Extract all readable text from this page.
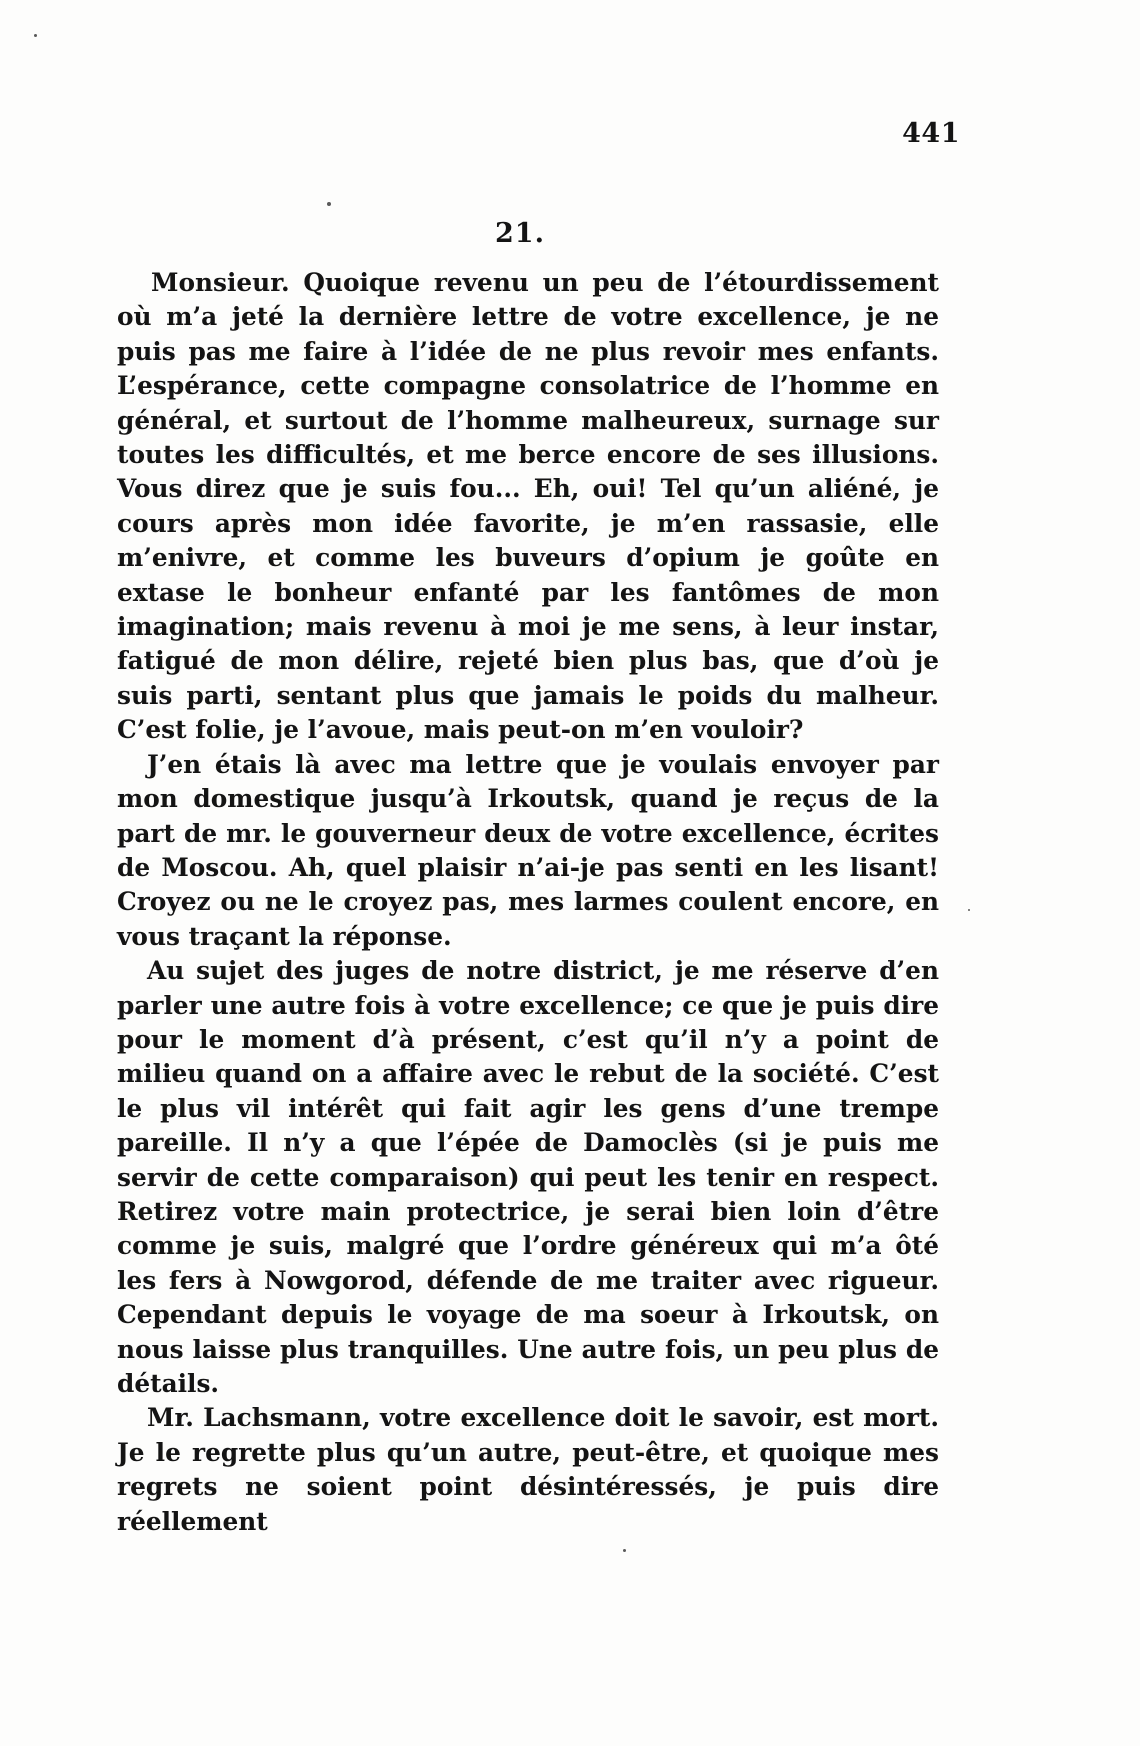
441
21.

Monsieur. Quoique revenu un peu de l’étourdissement où m’a jeté la dernière lettre de votre excellence, je ne puis pas me faire à l’idée de ne plus revoir mes enfants. L’espérance, cette compagne consolatrice de l’homme en général, et surtout de l’homme malheureux, surnage sur toutes les difficultés, et me berce encore de ses illusions. Vous direz que je suis fou... Eh, oui! Tel qu’un aliéné, je cours après mon idée favorite, je m’en rassasie, elle m’enivre, et comme les buveurs d’opium je goûte en extase le bonheur enfanté par les fantômes de mon imagination; mais revenu à moi je me sens, à leur instar, fatigué de mon délire, rejeté bien plus bas, que d’où je suis parti, sentant plus que jamais le poids du malheur. C’est folie, je l’avoue, mais peut-on m’en vouloir?

J’en étais là avec ma lettre que je voulais envoyer par mon domestique jusqu’à Irkoutsk, quand je reçus de la part de mr. le gouverneur deux de votre excellence, écrites de Moscou. Ah, quel plaisir n’ai-je pas senti en les lisant! Croyez ou ne le croyez pas, mes larmes coulent encore, en vous traçant la réponse.

Au sujet des juges de notre district, je me réserve d’en parler une autre fois à votre excellence; ce que je puis dire pour le moment d’à présent, c’est qu’il n’y a point de milieu quand on a affaire avec le rebut de la société. C’est le plus vil intérêt qui fait agir les gens d’une trempe pareille. Il n’y a que l’épée de Damoclès (si je puis me servir de cette comparaison) qui peut les tenir en respect. Retirez votre main protectrice, je serai bien loin d’être comme je suis, malgré que l’ordre généreux qui m’a ôté les fers à Nowgorod, défende de me traiter avec rigueur. Cependant depuis le voyage de ma soeur à Irkoutsk, on nous laisse plus tranquilles. Une autre fois, un peu plus de détails.

Mr. Lachsmann, votre excellence doit le savoir, est mort. Je le regrette plus qu’un autre, peut-être, et quoique mes regrets ne soient point désintéressés, je puis dire réellement
